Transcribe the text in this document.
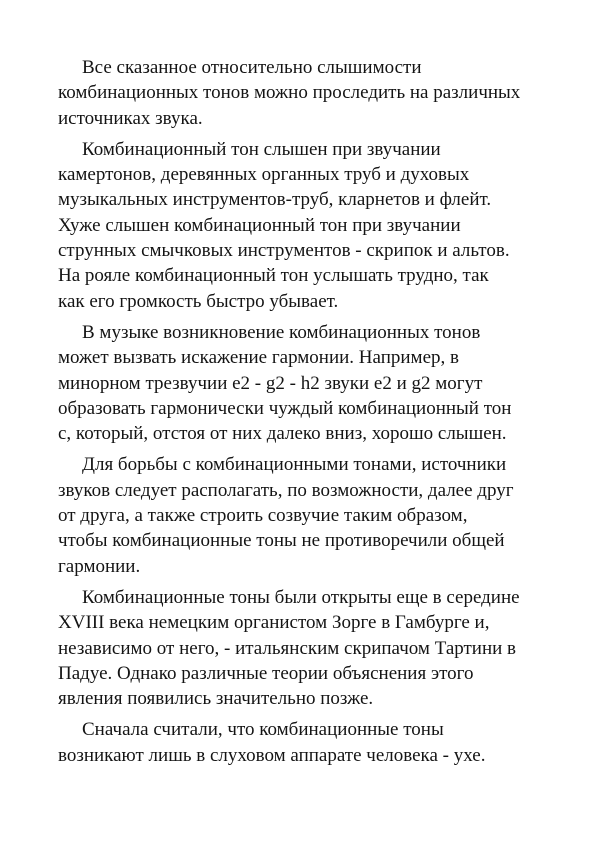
Все сказанное относительно слышимости
комбинационных тонов можно проследить на различных
источниках звука.

Комбинационный тон слышен при звучании
камертонов, деревянных органных труб и духовых
музыкальных инструментов-труб, кларнетов и флейт.
Хуже слышен комбинационный тон при звучании
струнных смычковых инструментов - скрипок и альтов.
На рояле комбинационный тон услышать трудно, так
как его громкость быстро убывает.

В музыке возникновение комбинационных тонов
может вызвать искажение гармонии. Например, в
минорном трезвучии е2 - g2 - h2 звуки е2 и g2 могут
образовать гармонически чуждый комбинационный тон
с, который, отстоя от них далеко вниз, хорошо слышен.

Для борьбы с комбинационными тонами, источники
звуков следует располагать, по возможности, далее друг
от друга, а также строить созвучие таким образом,
чтобы комбинационные тоны не противоречили общей
гармонии.

Комбинационные тоны были открыты еще в середине
XVIII века немецким органистом Зорге в Гамбурге и,
независимо от него, - итальянским скрипачом Тартини в
Падуе. Однако различные теории объяснения этого
явления появились значительно позже.

Сначала считали, что комбинационные тоны
возникают лишь в слуховом аппарате человека - ухе.
